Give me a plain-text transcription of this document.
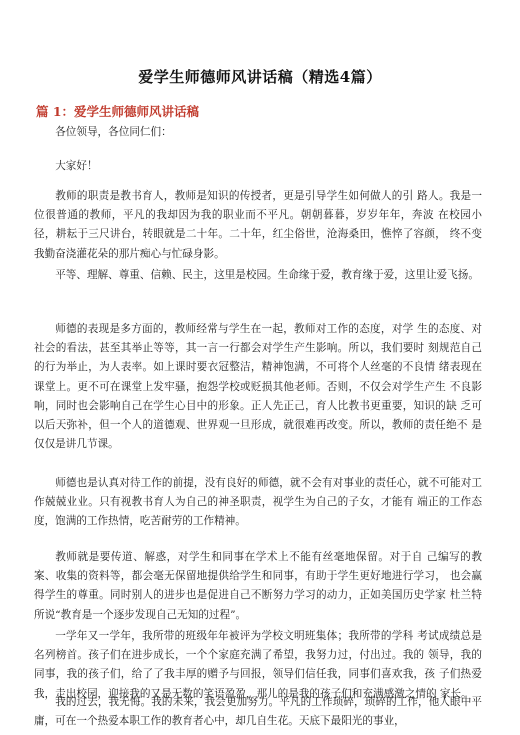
爱学生师德师风讲话稿（精选4篇）
篇 1：爱学生师德师风讲话稿
各位领导，各位同仁们：
大家好！
教师的职责是教书育人，教师是知识的传授者，更是引导学生如何做人的引 路人。我是一位很普通的教师，平凡的我却因为我的职业而不平凡。朝朝暮暮，岁岁年年，奔波 在校园小径，耕耘于三尺讲台，转眼就是二十年。二十年，红尘俗世，沧海桑田，憔悴了容颜， 终不变我勤奋浇灌花朵的那片痴心与忙碌身影。
平等、理解、尊重、信赖、民主，这里是校园。生命缘于爱，教育缘于爱，这里让爱飞扬。
师德的表现是多方面的，教师经常与学生在一起，教师对工作的态度，对学 生的态度、对社会的看法，甚至其举止等等，其一言一行都会对学生产生影响。所以，我们要时 刻规范自己的行为举止，为人表率。如上课时要衣冠整洁，精神饱满，不可将个人丝毫的不良情 绪表现在课堂上。更不可在课堂上发牢骚，抱怨学校或贬损其他老师。否则，不仅会对学生产生 不良影响，同时也会影响自己在学生心目中的形象。正人先正己，育人比教书更重要，知识的缺 乏可以后天弥补，但一个人的道德观、世界观一旦形成，就很难再改变。所以，教师的责任绝不 是仅仅是讲几节课。
师德也是认真对待工作的前提，没有良好的师德，就不会有对事业的责任心，就不可能对工作兢兢业业。只有视教书育人为自己的神圣职责，视学生为自己的子女，才能有 端正的工作态度，饱满的工作热情，吃苦耐劳的工作精神。
教师就是要传道、解惑，对学生和同事在学术上不能有丝毫地保留。对于自 己编写的教案、收集的资料等，都会毫无保留地提供给学生和同事，有助于学生更好地进行学习， 也会赢得学生的尊重。同时别人的进步也是促进自己不断努力学习的动力，正如美国历史学家 杜兰特所说“教育是一个逐步发现自己无知的过程”。
一学年又一学年，我所带的班级年年被评为学校文明班集体；我所带的学科 考试成绩总是名列榜首。孩子们在进步成长，一个个家庭充满了希望，我努力过，付出过。我的 领导，我的同事，我的孩子们，给了了我丰厚的赠予与回报，领导们信任我，同事们喜欢我，孩 子们热爱我，走出校园，迎接我的又是无数的笑语盈盈，那儿的是我的孩子们和充满感激之情的 家长。
我的过去，我无悔。我的未来，我会更加努力。平凡的工作琐碎，琐碎的工作，他人眼中平庸，可在一个热爱本职工作的教育者心中，却几自生花。天底下最阳光的事业，
